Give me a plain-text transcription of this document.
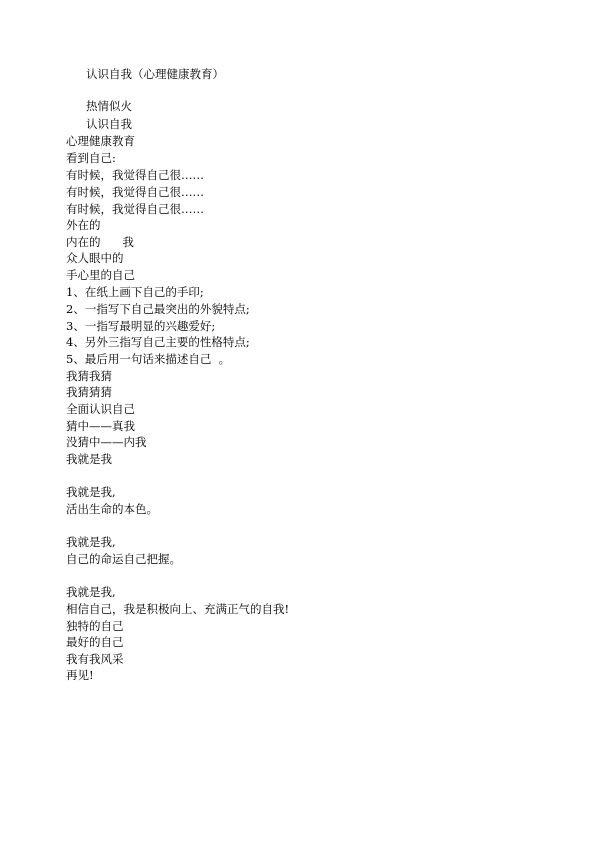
认识自我（心理健康教育）
热情似火
认识自我
心理健康教育
看到自己:
有时候，我觉得自己很……
有时候，我觉得自己很……
有时候，我觉得自己很……
外在的
内在的      我
众人眼中的
手心里的自己
1、在纸上画下自己的手印;
2、一指写下自己最突出的外貌特点;
3、一指写最明显的兴趣爱好;
4、另外三指写自己主要的性格特点;
5、最后用一句话来描述自己  。
我猜我猜
我猜猜猜
全面认识自己
猜中——真我
没猜中——内我
我就是我
我就是我,
活出生命的本色。
我就是我,
自己的命运自己把握。
我就是我,
相信自己，我是积极向上、充满正气的自我!
独特的自己
最好的自己
我有我风采
再见!
